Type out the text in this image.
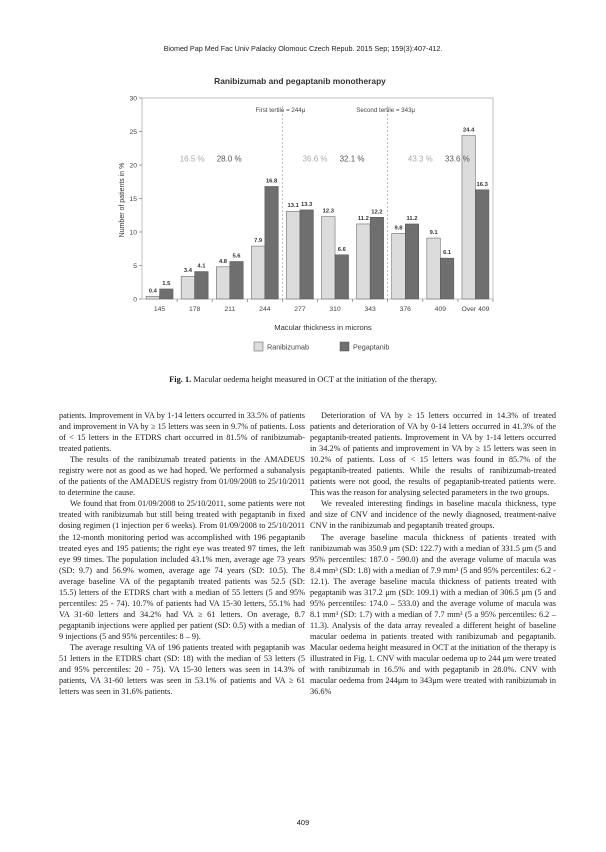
Biomed Pap Med Fac Univ Palacky Olomouc Czech Repub. 2015 Sep; 159(3):407-412.
Ranibizumab and pegaptanib monotherapy
0
5
10
15
20
25
30
145	178	211	244	277	310	343	376	409 Over 409
0.4
3.4
4.8
7.9
13.1
12.3
11.2
9.8
9.1
24.4
1.5
4.1
5.6
16.8
13.3
6.6
12.2
11.2
6.1
16.3
First tertile = 244μ	Second tertile = 343μ
16.5 % 28.0 %	36.6 % 32.1 %	43.3 % 33.6 %
Macular thickness in microns
Number of patients in %
Ranibizumab	Pegaptanib
Fig. 1. Macular oedema height measured in OCT at the initiation of the therapy.

patients. Improvement in VA by 1-14 letters occurred in 33.5% of patients and improvement in VA by ≥ 15 letters was seen in 9.7% of patients. Loss of < 15 letters in the ETDRS chart occurred in 81.5% of ranibizumab-treated patients.

The results of the ranibizumab treated patients in the AMADEUS registry were not as good as we had hoped. We performed a subanalysis of the patients of the AMADEUS registry from 01/09/2008 to 25/10/2011 to determine the cause.

We found that from 01/09/2008 to 25/10/2011, some patients were not treated with ranibizumab but still being treated with pegaptanib in fixed dosing regimen (1 injection per 6 weeks). From 01/09/2008 to 25/10/2011 the 12-month monitoring period was accomplished with 196 pegaptanib treated eyes and 195 patients; the right eye was treated 97 times, the left eye 99 times. The population included 43.1% men, average age 73 years (SD: 9.7) and 56.9% women, average age 74 years (SD: 10.5). The average baseline VA of the pegaptanib treated patients was 52.5 (SD: 15.5) letters of the ETDRS chart with a median of 55 letters (5 and 95% percentiles: 25 - 74). 10.7% of patients had VA 15-30 letters, 55.1% had VA 31-60 letters and 34.2% had VA ≥ 61 letters. On average, 8.7 pegaptanib injections were applied per patient (SD: 0.5) with a median of 9 injections (5 and 95% percentiles: 8 – 9).

The average resulting VA of 196 patients treated with pegaptanib was 51 letters in the ETDRS chart (SD: 18) with the median of 53 letters (5 and 95% percentiles: 20 - 75). VA 15-30 letters was seen in 14.3% of patients, VA 31-60 letters was seen in 53.1% of patients and VA ≥ 61 letters was seen in 31.6% patients.

Deterioration of VA by ≥ 15 letters occurred in 14.3% of treated patients and deterioration of VA by 0-14 letters occurred in 41.3% of the pegaptanib-treated patients. Improvement in VA by 1-14 letters occurred in 34.2% of patients and improvement in VA by ≥ 15 letters was seen in 10.2% of patients. Loss of < 15 letters was found in 85.7% of the pegaptanib-treated patients. While the results of ranibizumab-treated patients were not good, the results of pegaptanib-treated patients were. This was the reason for analysing selected parameters in the two groups.

We revealed interesting findings in baseline macula thickness, type and size of CNV and incidence of the newly diagnosed, treatment-naïve CNV in the ranibizumab and pegaptanib treated groups.

The average baseline macula thickness of patients treated with ranibizumab was 350.9 μm (SD: 122.7) with a median of 331.5 μm (5 and 95% percentiles: 187.0 - 590.0) and the average volume of macula was 8.4 mm³ (SD: 1.8) with a median of 7.9 mm³ (5 and 95% percentiles: 6.2 - 12.1). The average baseline macula thickness of patients treated with pegaptanib was 317.2 μm (SD: 109.1) with a median of 306.5 μm (5 and 95% percentiles: 174.0 – 533.0) and the average volume of macula was 8.1 mm³ (SD: 1.7) with a median of 7.7 mm³ (5 a 95% percentiles: 6.2 – 11.3). Analysis of the data array revealed a different height of baseline macular oedema in patients treated with ranibizumab and pegaptanib. Macular oedema height measured in OCT at the initiation of the therapy is illustrated in Fig. 1. CNV with macular oedema up to 244 μm were treated with ranibizumab in 16.5% and with pegaptanib in 28.0%. CNV with macular oedema from 244μm to 343μm were treated with ranibizumab in 36.6%

409
